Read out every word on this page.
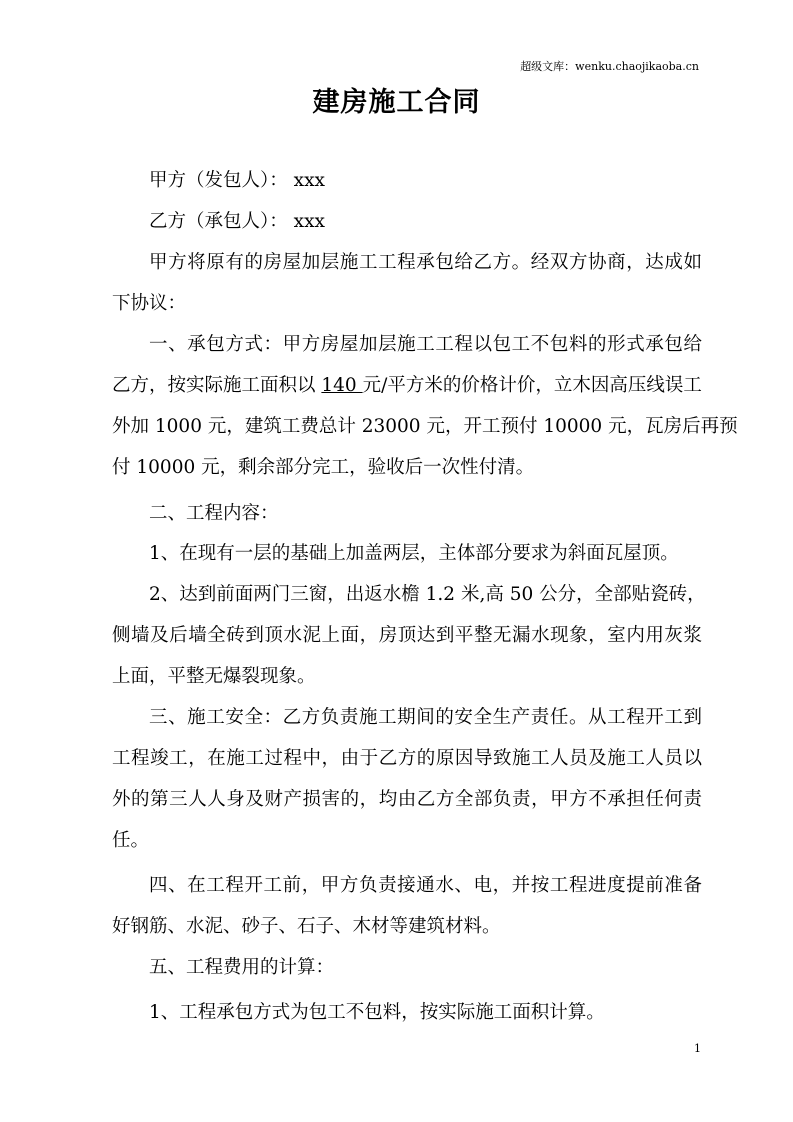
超级文库：wenku.chaojikaoba.cn
建房施工合同
甲方（发包人）： xxx
乙方（承包人）： xxx
甲方将原有的房屋加层施工工程承包给乙方。经双方协商，达成如
下协议：
一、承包方式：甲方房屋加层施工工程以包工不包料的形式承包给
乙方，按实际施工面积以 140 元/平方米的价格计价，立木因高压线误工
外加 1000 元，建筑工费总计 23000 元，开工预付 10000 元，瓦房后再预
付 10000 元，剩余部分完工，验收后一次性付清。
二、工程内容：
1、在现有一层的基础上加盖两层，主体部分要求为斜面瓦屋顶。
2、达到前面两门三窗，出返水檐 1.2 米,高 50 公分，全部贴瓷砖，
侧墙及后墙全砖到顶水泥上面，房顶达到平整无漏水现象，室内用灰浆
上面，平整无爆裂现象。
三、施工安全：乙方负责施工期间的安全生产责任。从工程开工到
工程竣工，在施工过程中，由于乙方的原因导致施工人员及施工人员以
外的第三人人身及财产损害的，均由乙方全部负责，甲方不承担任何责
任。
四、在工程开工前，甲方负责接通水、电，并按工程进度提前准备
好钢筋、水泥、砂子、石子、木材等建筑材料。
五、工程费用的计算：
1、工程承包方式为包工不包料，按实际施工面积计算。
1
